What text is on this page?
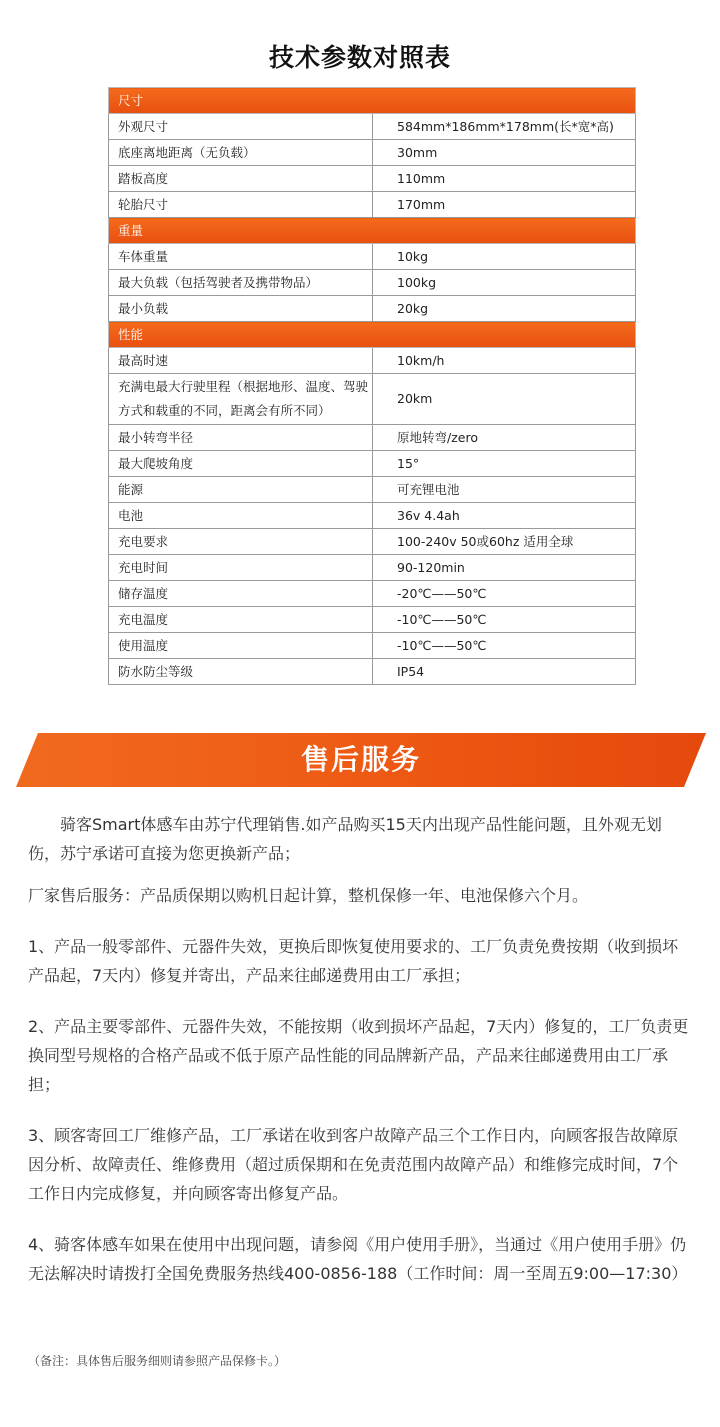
技术参数对照表
尺寸	
外观尺寸	584mm*186mm*178mm(长*宽*高)
底座离地距离（无负载）	30mm
踏板高度	110mm
轮胎尺寸	170mm
重量	
车体重量	10kg
最大负载（包括驾驶者及携带物品）	100kg
最小负载	20kg
性能	
最高时速	10km/h
充满电最大行驶里程（根据地形、温度、驾驶方式和载重的不同，距离会有所不同）	20km
最小转弯半径	原地转弯/zero
最大爬坡角度	15°
能源	可充锂电池
电池	36v 4.4ah
充电要求	100-240v 50或60hz 适用全球
充电时间	90-120min
储存温度	-20℃——50℃
充电温度	-10℃——50℃
使用温度	-10℃——50℃
防水防尘等级	IP54
售后服务

骑客Smart体感车由苏宁代理销售.如产品购买15天内出现产品性能问题，且外观无划伤，苏宁承诺可直接为您更换新产品；

厂家售后服务：产品质保期以购机日起计算，整机保修一年、电池保修六个月。

1、产品一般零部件、元器件失效，更换后即恢复使用要求的、工厂负责免费按期（收到损坏产品起，7天内）修复并寄出，产品来往邮递费用由工厂承担；

2、产品主要零部件、元器件失效，不能按期（收到损坏产品起，7天内）修复的，工厂负责更换同型号规格的合格产品或不低于原产品性能的同品牌新产品，产品来往邮递费用由工厂承担；

3、顾客寄回工厂维修产品，工厂承诺在收到客户故障产品三个工作日内，向顾客报告故障原因分析、故障责任、维修费用（超过质保期和在免责范围内故障产品）和维修完成时间，7个工作日内完成修复，并向顾客寄出修复产品。

4、骑客体感车如果在使用中出现问题，请参阅《用户使用手册》，当通过《用户使用手册》仍无法解决时请拨打全国免费服务热线400-0856-188（工作时间：周一至周五9:00—17:30）

（备注：具体售后服务细则请参照产品保修卡。）
